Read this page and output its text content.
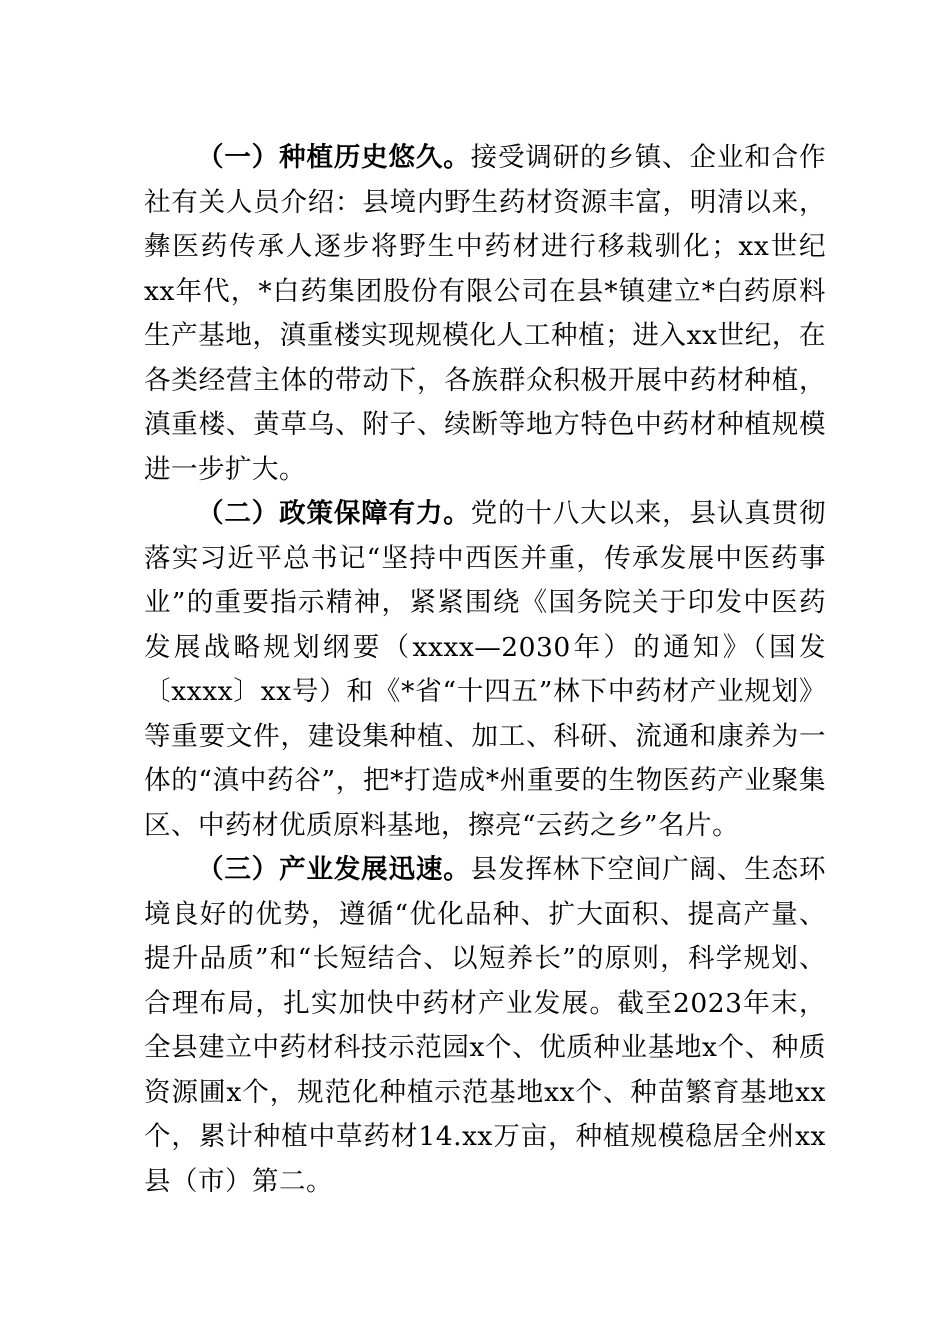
（一）种植历史悠久。接受调研的乡镇、企业和合作社有关人员介绍：县境内野生药材资源丰富，明清以来，彝医药传承人逐步将野生中药材进行移栽驯化；xx世纪xx年代，*白药集团股份有限公司在县*镇建立*白药原料生产基地，滇重楼实现规模化人工种植；进入xx世纪，在各类经营主体的带动下，各族群众积极开展中药材种植，滇重楼、黄草乌、附子、续断等地方特色中药材种植规模进一步扩大。

（二）政策保障有力。党的十八大以来，县认真贯彻落实习近平总书记“坚持中西医并重，传承发展中医药事业”的重要指示精神，紧紧围绕《国务院关于印发中医药发展战略规划纲要（xxxx—2030年）的通知》（国发〔xxxx〕xx号）和《*省“十四五”林下中药材产业规划》等重要文件，建设集种植、加工、科研、流通和康养为一体的“滇中药谷”，把*打造成*州重要的生物医药产业聚集区、中药材优质原料基地，擦亮“云药之乡”名片。

（三）产业发展迅速。县发挥林下空间广阔、生态环境良好的优势，遵循“优化品种、扩大面积、提高产量、提升品质”和“长短结合、以短养长”的原则，科学规划、合理布局，扎实加快中药材产业发展。截至2023年末，全县建立中药材科技示范园x个、优质种业基地x个、种质资源圃x个，规范化种植示范基地xx个、种苗繁育基地xx个，累计种植中草药材14.xx万亩，种植规模稳居全州xx县（市）第二。
